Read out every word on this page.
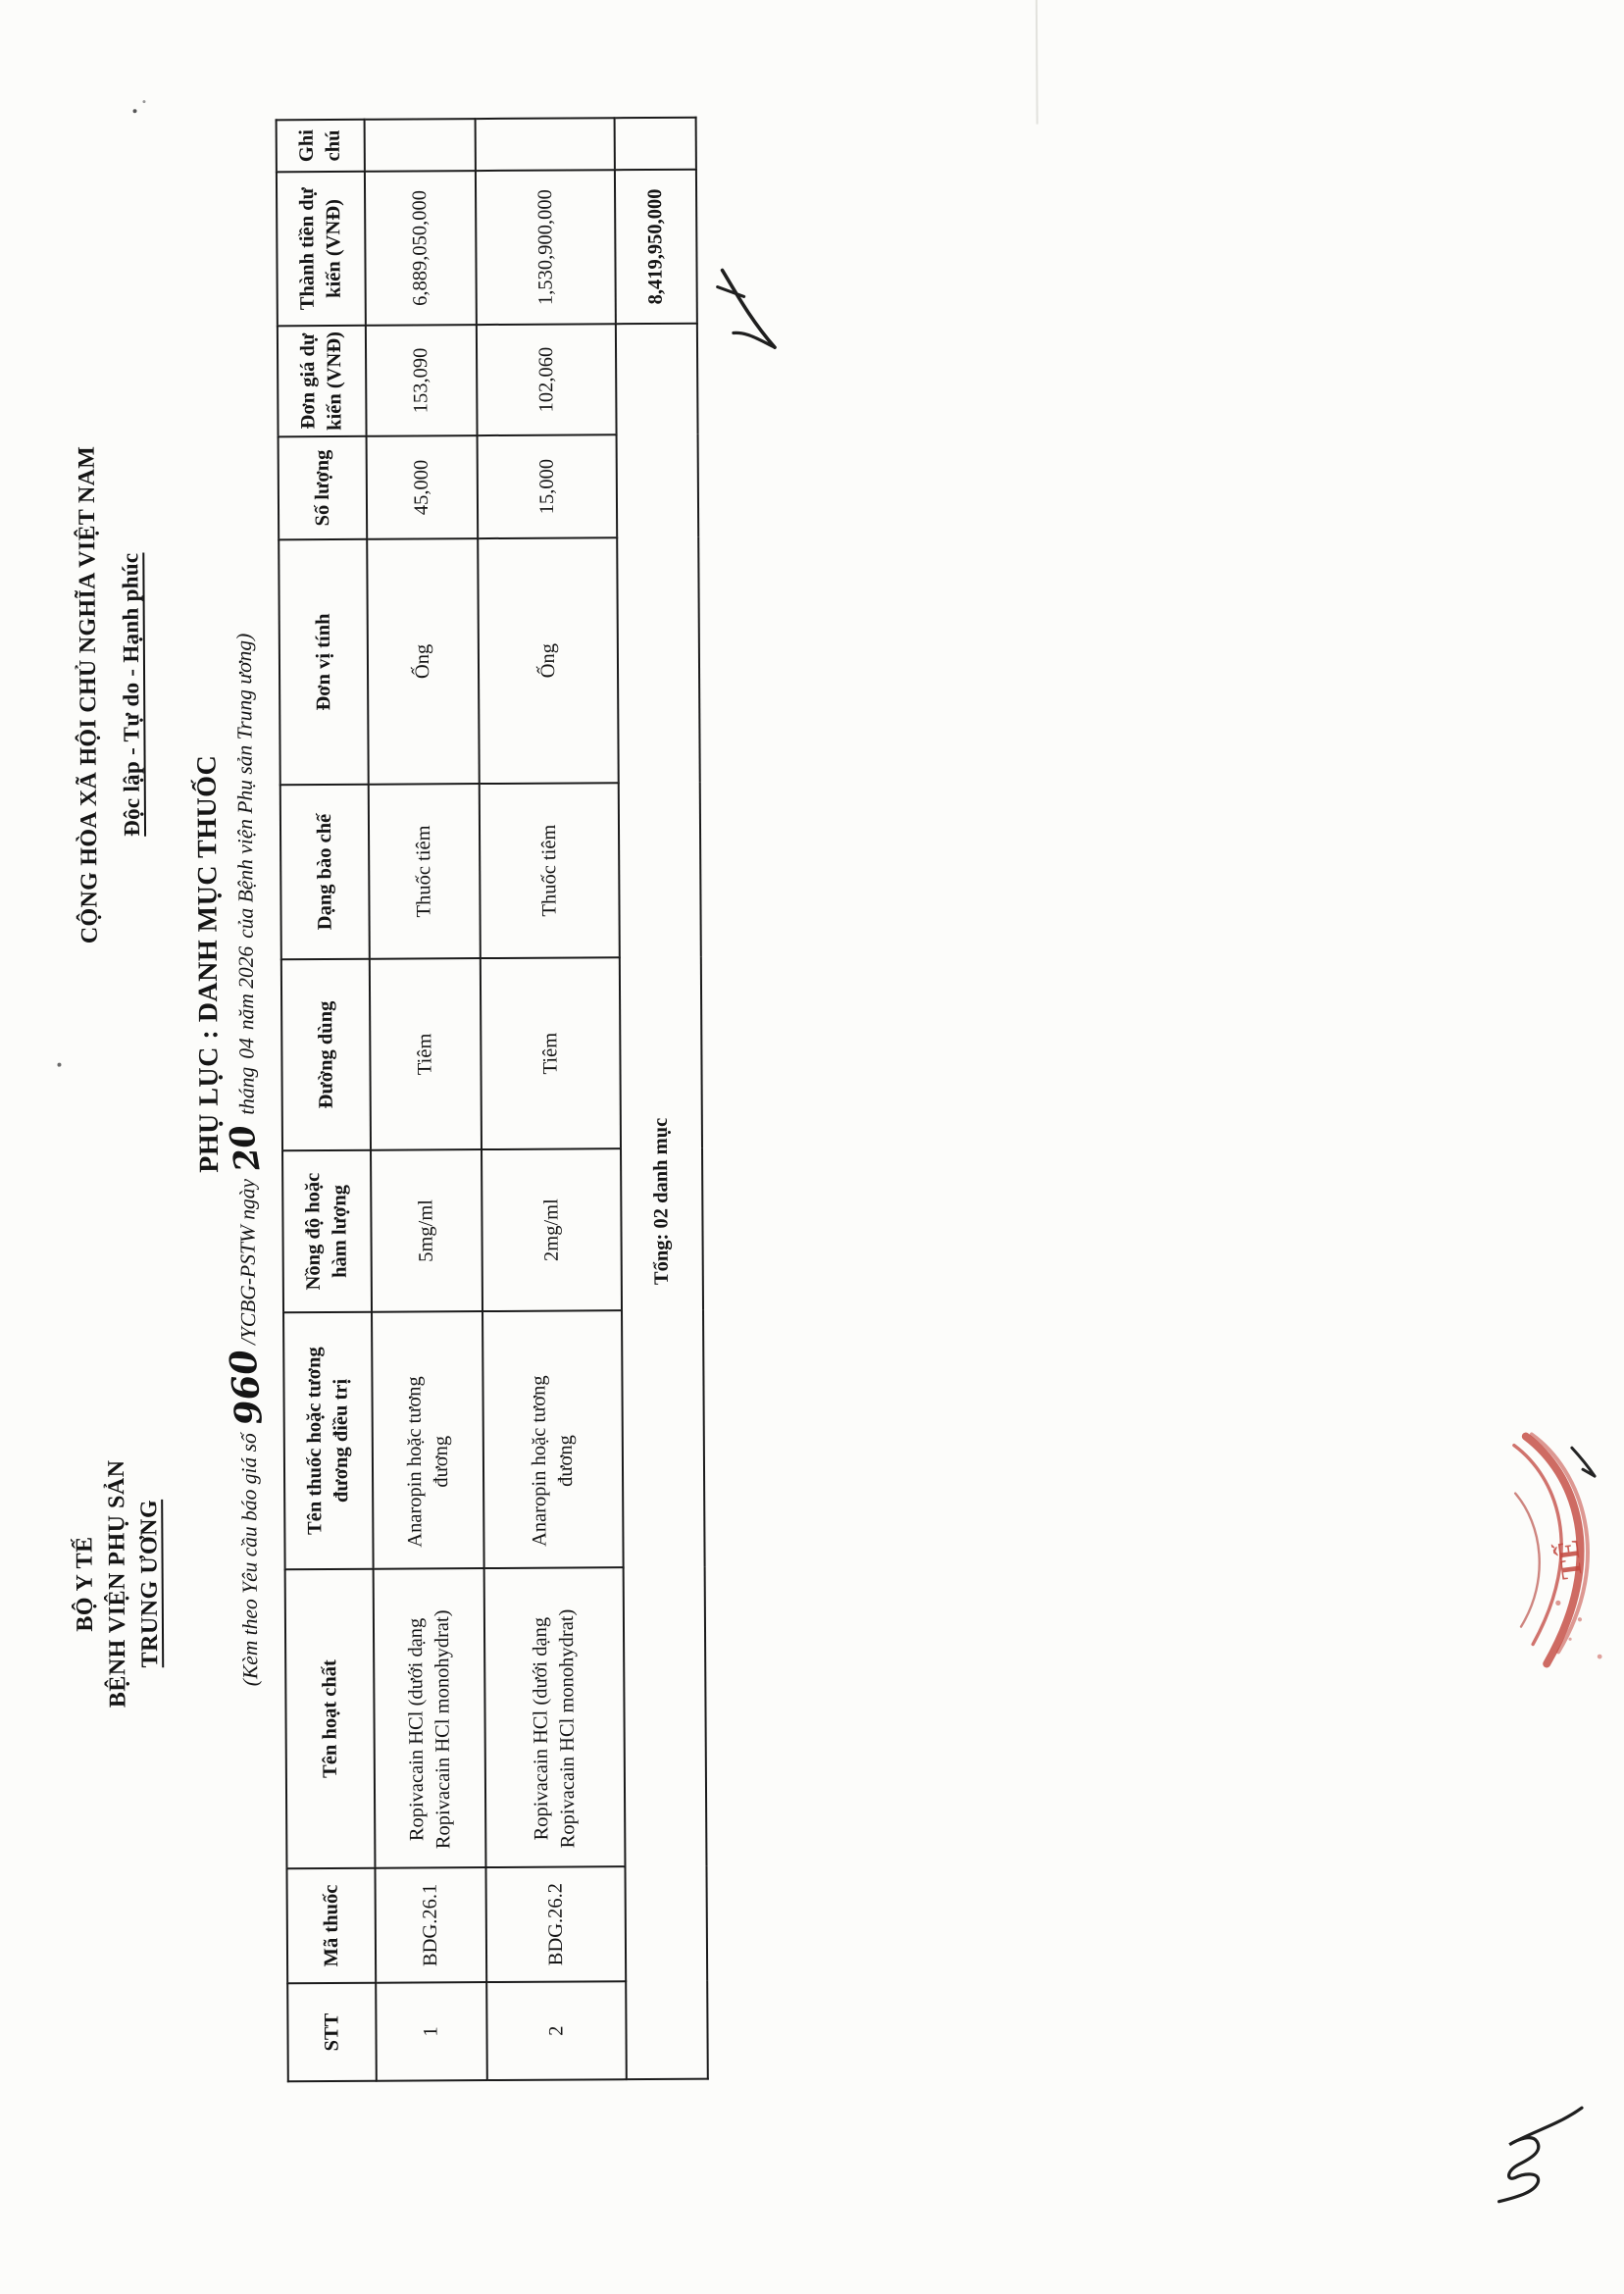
BỘ Y TẾ BỆNH VIỆN PHỤ SẢN TRUNG ƯƠNG
CỘNG HÒA XÃ HỘI CHỦ NGHĨA VIỆT NAM Độc lập - Tự do - Hạnh phúc
PHỤ LỤC : DANH MỤC THUỐC
(Kèm theo Yêu cầu báo giá số960/YCBG-PSTW ngày20tháng04năm 2026của Bệnh viện Phụ sản Trung ương)
STT	Mã thuốc	Tên hoạt chất	Tên thuốc hoặc tương đương điều trị	Nồng độ hoặc hàm lượng	Đường dùng	Dạng bào chế	Đơn vị tính	Số lượng	Đơn giá dự kiến (VNĐ)	Thành tiền dự kiến (VNĐ)	Ghi chú
1	BDG.26.1	Ropivacain HCl (dưới dạng Ropivacain HCl monohydrat)	Anaropin hoặc tương đương	5mg/ml	Tiêm	Thuốc tiêm	Ống	45,000	153,090	6,889,050,000	
2	BDG.26.2	Ropivacain HCl (dưới dạng Ropivacain HCl monohydrat)	Anaropin hoặc tương đương	2mg/ml	Tiêm	Thuốc tiêm	Ống	15,000	102,060	1,530,900,000	
Tổng: 02 danh mục										8,419,950,000	
TẾ
